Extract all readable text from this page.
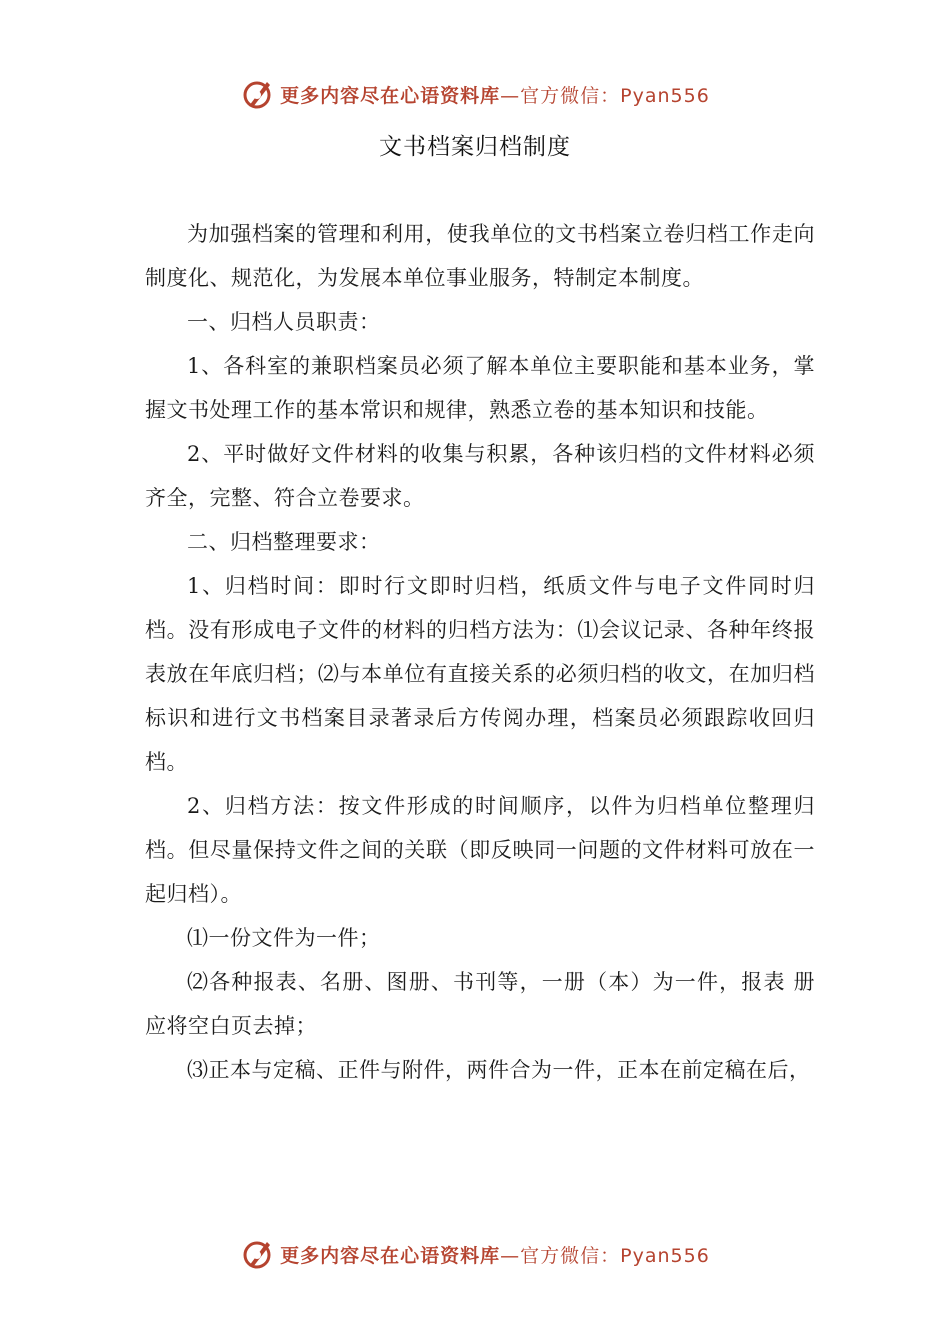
更多内容尽在心语资料库—官方微信：Pyan556
文书档案归档制度

为加强档案的管理和利用，使我单位的文书档案立卷归档工作走向制度化、规范化，为发展本单位事业服务，特制定本制度。

一、归档人员职责：

1、各科室的兼职档案员必须了解本单位主要职能和基本业务，掌握文书处理工作的基本常识和规律，熟悉立卷的基本知识和技能。

2、平时做好文件材料的收集与积累，各种该归档的文件材料必须齐全，完整、符合立卷要求。

二、归档整理要求：

1、归档时间：即时行文即时归档，纸质文件与电子文件同时归档。没有形成电子文件的材料的归档方法为：⑴会议记录、各种年终报表放在年底归档；⑵与本单位有直接关系的必须归档的收文，在加归档标识和进行文书档案目录著录后方传阅办理，档案员必须跟踪收回归档。

2、归档方法：按文件形成的时间顺序，以件为归档单位整理归档。但尽量保持文件之间的关联（即反映同一问题的文件材料可放在一起归档）。

⑴一份文件为一件；

⑵各种报表、名册、图册、书刊等，一册（本）为一件，报表 册应将空白页去掉；

⑶正本与定稿、正件与附件，两件合为一件，正本在前定稿在后，

更多内容尽在心语资料库—官方微信：Pyan556
